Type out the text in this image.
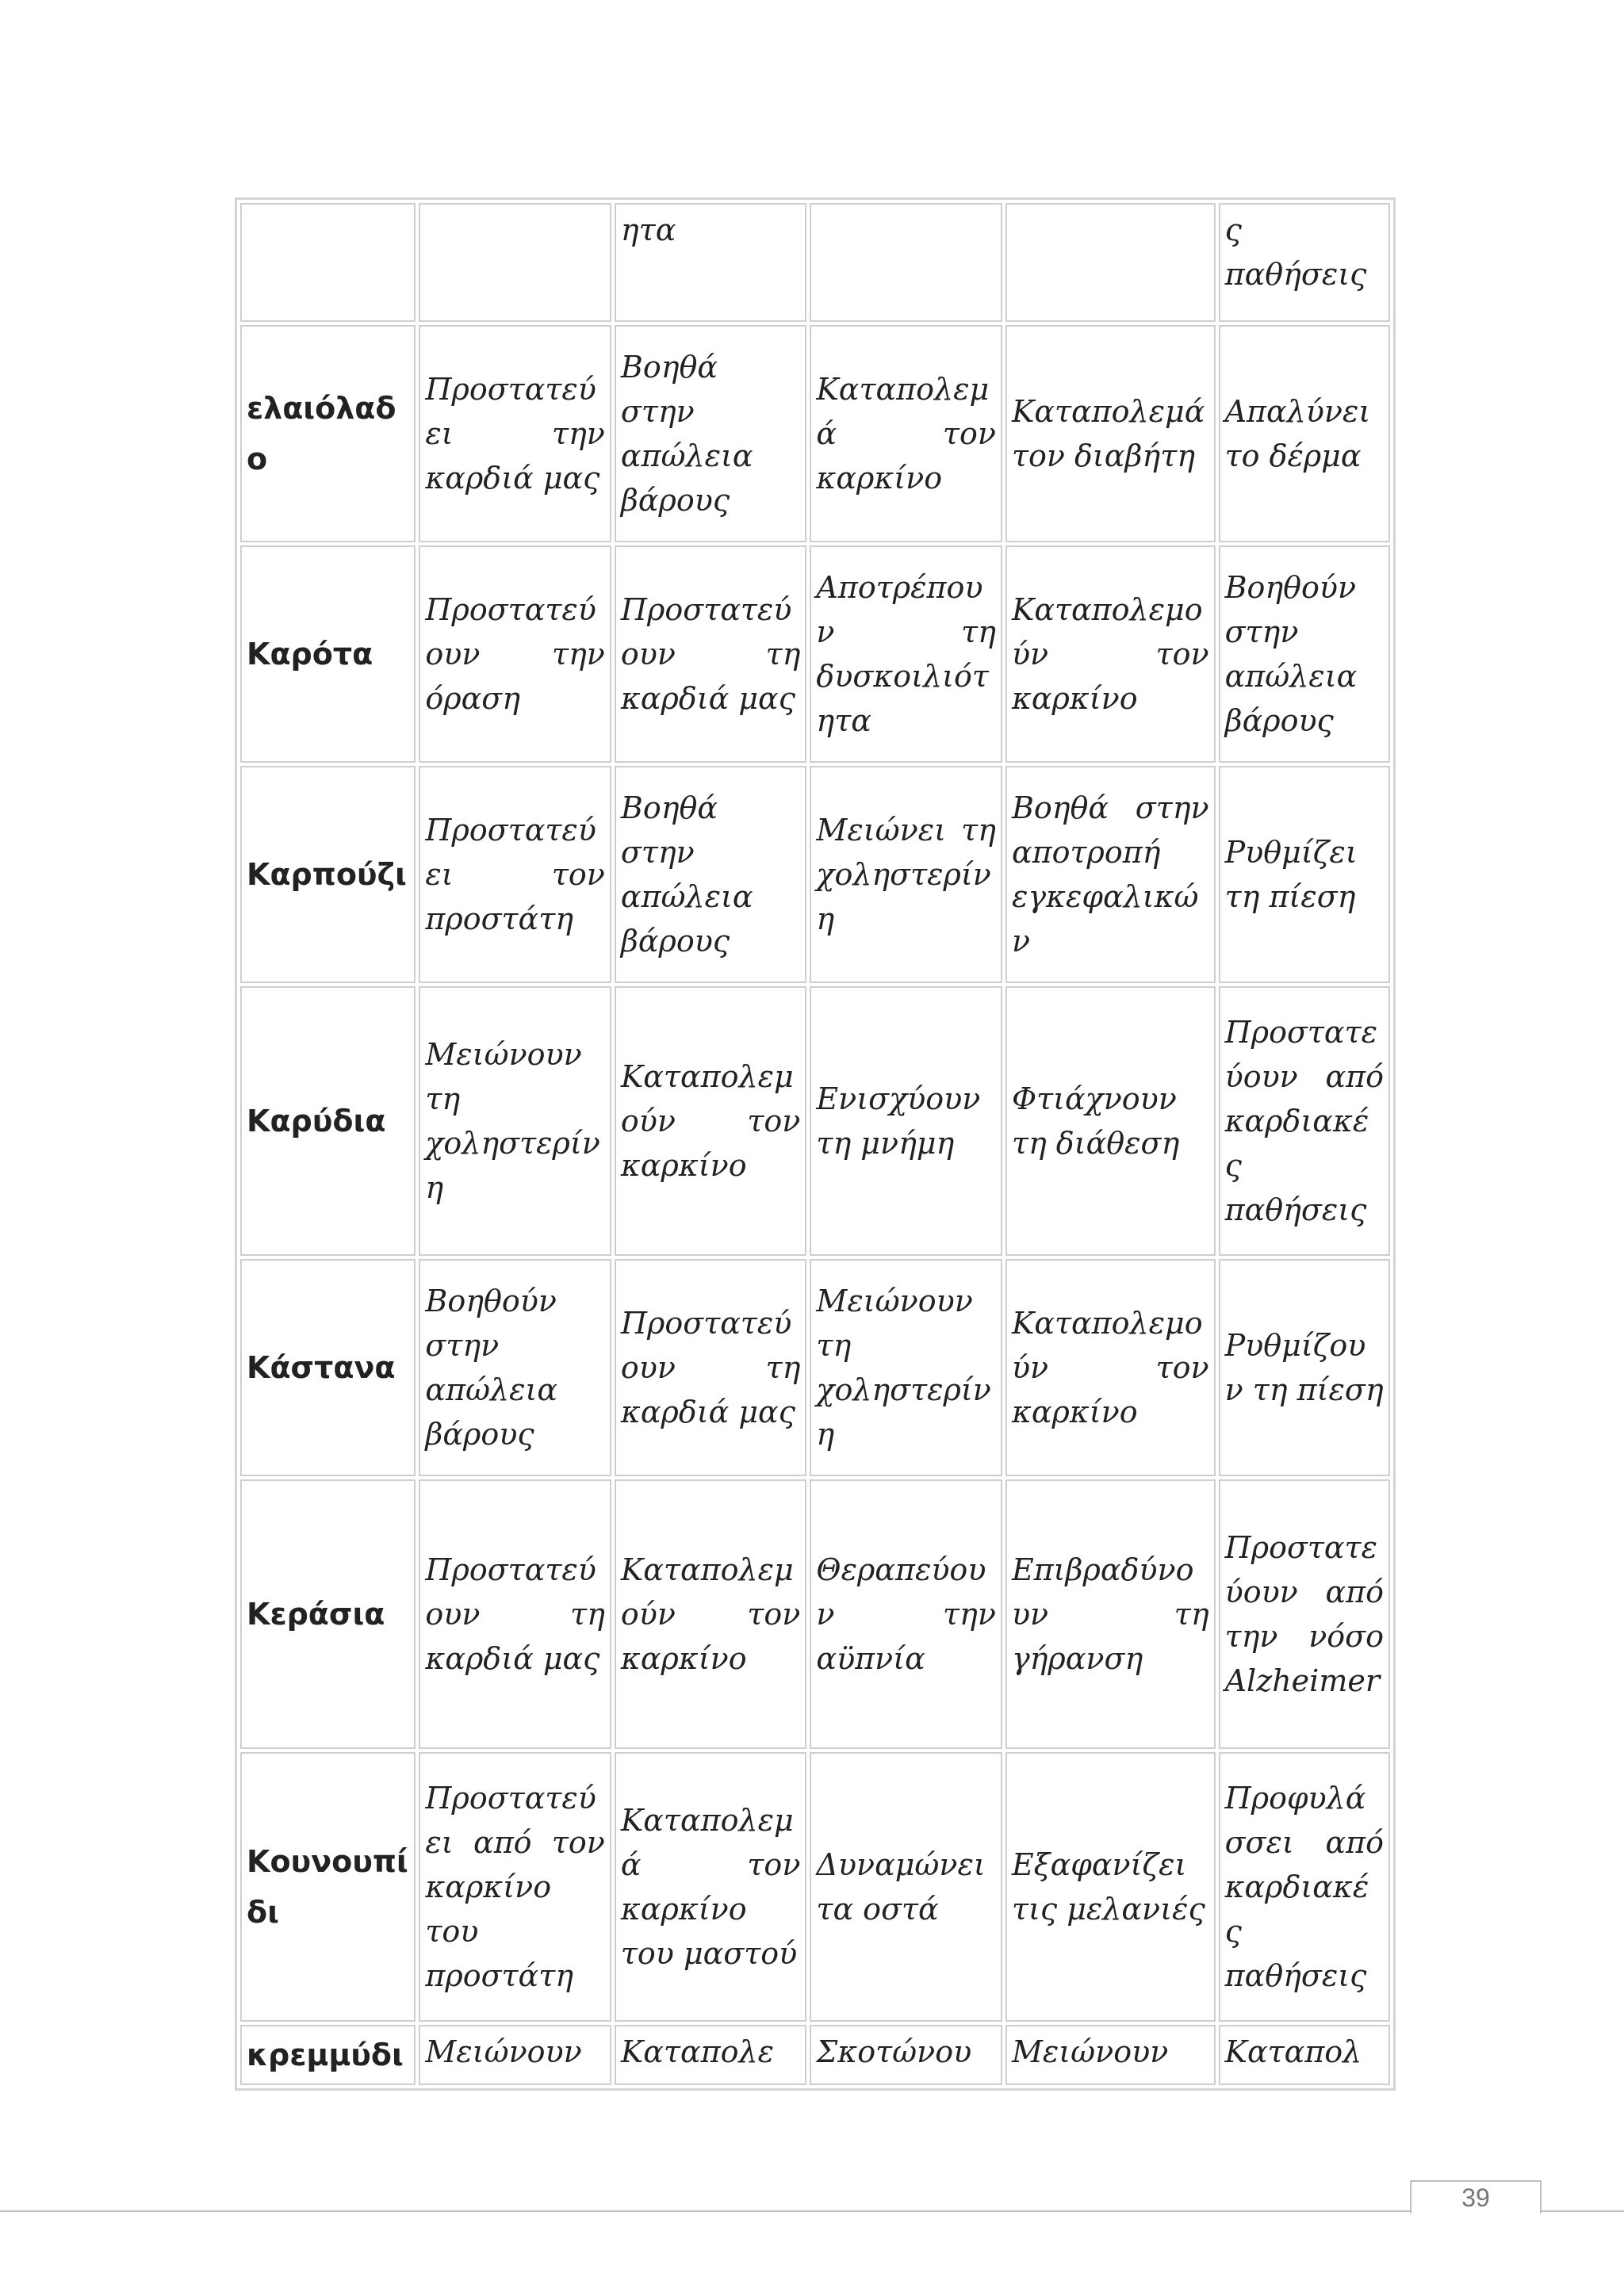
		ητα			ς παθήσεις
ελαιόλαδο	Προστατεύει την καρδιά μας	Βοηθά στην απώλεια βάρους	Καταπολεμά τον καρκίνο	Καταπολεμά τον διαβήτη	Απαλύνει το δέρμα
Καρότα	Προστατεύουν την όραση	Προστατεύουν τη καρδιά μας	Αποτρέπουν τη δυσκοιλιότητα	Καταπολεμούν τον καρκίνο	Βοηθούν στην απώλεια βάρους
Καρπούζι	Προστατεύει τον προστάτη	Βοηθά στην απώλεια βάρους	Μειώνει τη χοληστερίνη	Βοηθά στην αποτροπή εγκεφαλικών	Ρυθμίζει τη πίεση
Καρύδια	Μειώνουν τη χοληστερίνη	Καταπολεμούν τον καρκίνο	Ενισχύουν τη μνήμη	Φτιάχνουν τη διάθεση	Προστατεύουν από καρδιακές παθήσεις
Κάστανα	Βοηθούν στην απώλεια βάρους	Προστατεύουν τη καρδιά μας	Μειώνουν τη χοληστερίνη	Καταπολεμούν τον καρκίνο	Ρυθμίζουν τη πίεση
Κεράσια	Προστατεύουν τη καρδιά μας	Καταπολεμούν τον καρκίνο	Θεραπεύουν την αϋπνία	Επιβραδύνουν τη γήρανση	Προστατεύουν από την νόσο Alzheimer
Κουνουπίδι	Προστατεύει από τον καρκίνο του προστάτη	Καταπολεμά τον καρκίνο του μαστού	Δυναμώνει τα οστά	Εξαφανίζει τις μελανιές	Προφυλάσσει από καρδιακές παθήσεις
κρεμμύδι	Μειώνουν	Καταπολε	Σκοτώνου	Μειώνουν	Καταπολ
39
